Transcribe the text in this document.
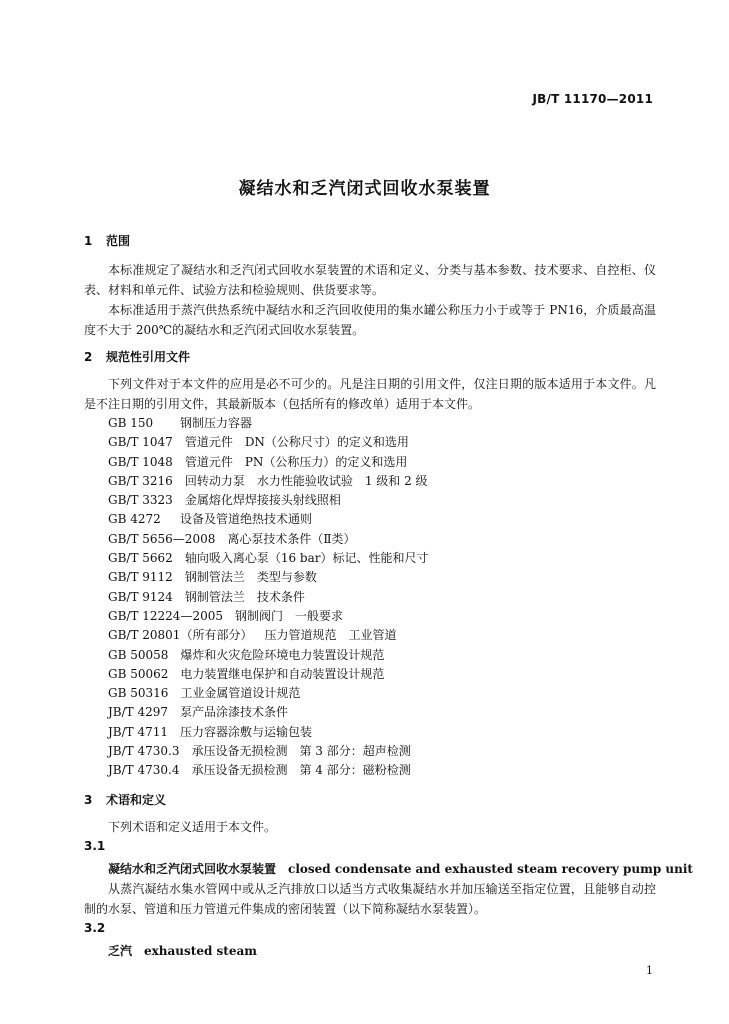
JB/T 11170—2011
凝结水和乏汽闭式回收水泵装置
1 范围

本标准规定了凝结水和乏汽闭式回收水泵装置的术语和定义、分类与基本参数、技术要求、自控柜、仪表、材料和单元件、试验方法和检验规则、供货要求等。

本标准适用于蒸汽供热系统中凝结水和乏汽回收使用的集水罐公称压力小于或等于 PN16，介质最高温度不大于 200℃的凝结水和乏汽闭式回收水泵装置。

2 规范性引用文件

下列文件对于本文件的应用是必不可少的。凡是注日期的引用文件，仅注日期的版本适用于本文件。凡是不注日期的引用文件，其最新版本（包括所有的修改单）适用于本文件。

GB 150 钢制压力容器
GB/T 1047 管道元件　DN（公称尺寸）的定义和选用
GB/T 1048 管道元件　PN（公称压力）的定义和选用
GB/T 3216 回转动力泵　水力性能验收试验　1 级和 2 级
GB/T 3323 金属熔化焊焊接接头射线照相
GB 4272 设备及管道绝热技术通则
GB/T 5656—2008 离心泵技术条件（Ⅱ类）
GB/T 5662 轴向吸入离心泵（16 bar）标记、性能和尺寸
GB/T 9112 钢制管法兰　类型与参数
GB/T 9124 钢制管法兰　技术条件
GB/T 12224—2005 钢制阀门　一般要求
GB/T 20801（所有部分） 压力管道规范　工业管道
GB 50058 爆炸和火灾危险环境电力装置设计规范
GB 50062 电力装置继电保护和自动装置设计规范
GB 50316 工业金属管道设计规范
JB/T 4297 泵产品涂漆技术条件
JB/T 4711 压力容器涂敷与运输包装
JB/T 4730.3 承压设备无损检测　第 3 部分：超声检测
JB/T 4730.4 承压设备无损检测　第 4 部分：磁粉检测
3 术语和定义

下列术语和定义适用于本文件。

3.1
凝结水和乏汽闭式回收水泵装置 closed condensate and exhausted steam recovery pump unit

从蒸汽凝结水集水管网中或从乏汽排放口以适当方式收集凝结水并加压输送至指定位置，且能够自动控制的水泵、管道和压力管道元件集成的密闭装置（以下简称凝结水泵装置）。

3.2
乏汽 exhausted steam
1
